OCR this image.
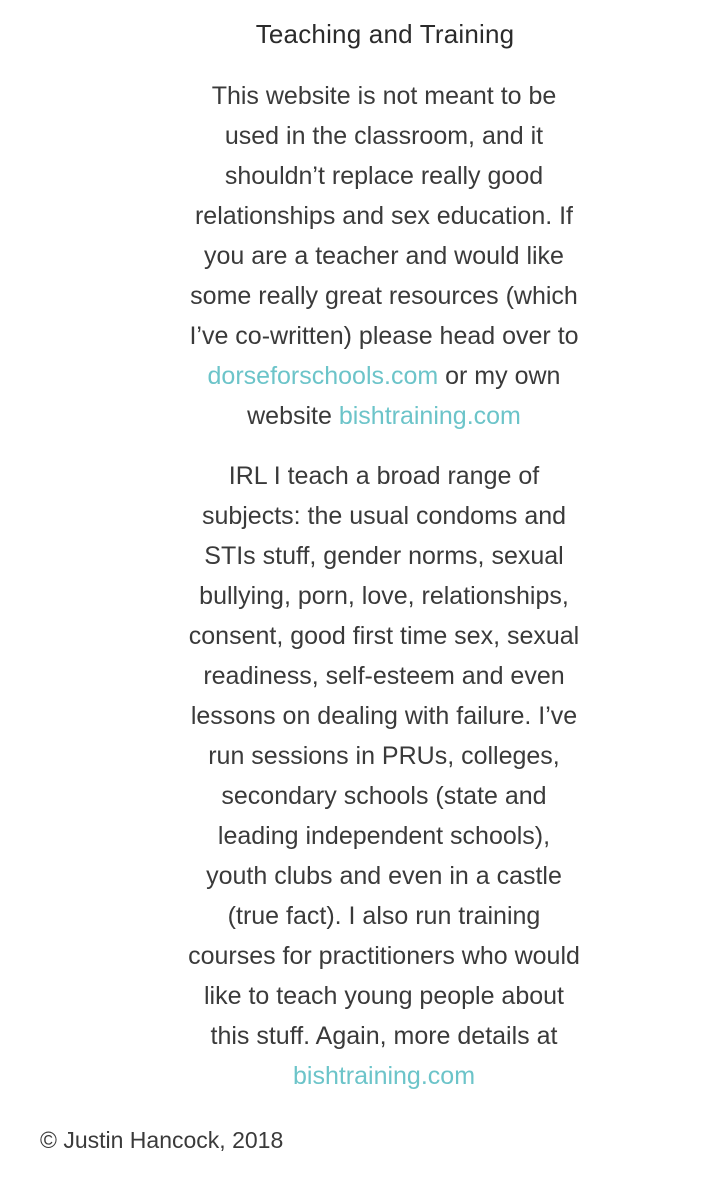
Teaching and Training

This website is not meant to be used in the classroom, and it shouldn’t replace really good relationships and sex education. If you are a teacher and would like some really great resources (which I’ve co-written) please head over to dorseforschools.com or my own website bishtraining.com

IRL I teach a broad range of subjects: the usual condoms and STIs stuff, gender norms, sexual bullying, porn, love, relationships, consent, good first time sex, sexual readiness, self-esteem and even lessons on dealing with failure. I’ve run sessions in PRUs, colleges, secondary schools (state and leading independent schools), youth clubs and even in a castle (true fact). I also run training courses for practitioners who would like to teach young people about this stuff. Again, more details at bishtraining.com

© Justin Hancock, 2018
